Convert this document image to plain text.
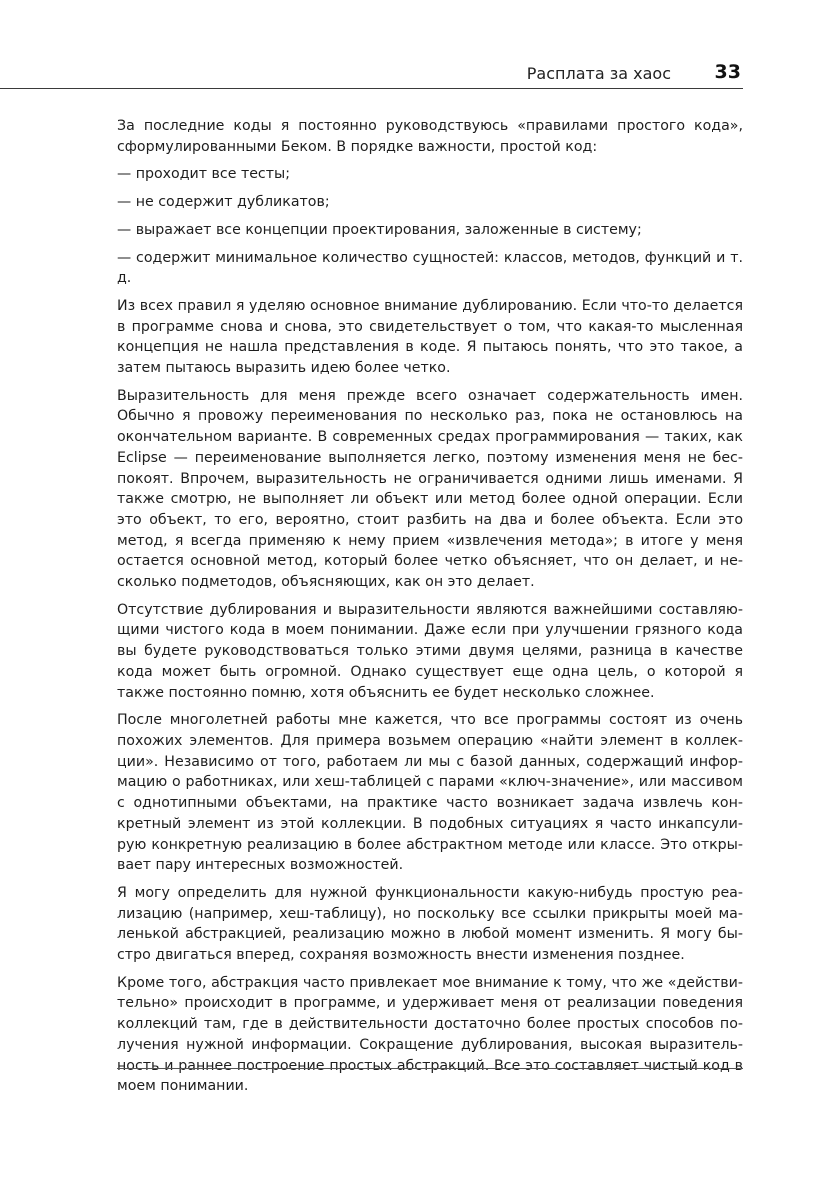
Расплата за хаос 33

За последние коды я постоянно руководствуюсь «правилами простого кода», сформулированными Беком. В порядке важности, простой код:

— проходит все тесты;

— не содержит дубликатов;

— выражает все концепции проектирования, заложенные в систему;

— содержит минимальное количество сущностей: классов, методов, функций и т. д.

Из всех правил я уделяю основное внимание дублированию. Если что-то делается в программе снова и снова, это свидетельствует о том, что какая-то мысленная концепция не нашла представления в коде. Я пытаюсь понять, что это такое, а затем пытаюсь выразить идею более четко.

Выразительность для меня прежде всего означает содержательность имен. Обычно я провожу переименования по несколько раз, пока не остановлюсь на окончательном варианте. В современных средах программирования — таких, как Eclipse — переименование выполняется легко, поэтому изменения меня не беспокоят. Впрочем, выразительность не ограничивается одними лишь именами. Я также смотрю, не выполняет ли объект или метод более одной операции. Если это объект, то его, вероятно, стоит разбить на два и более объекта. Если это метод, я всегда применяю к нему прием «извлечения метода»; в итоге у меня остается основной метод, который более четко объясняет, что он делает, и несколько подметодов, объясняющих, как он это делает.

Отсутствие дублирования и выразительности являются важнейшими составляющими чистого кода в моем понимании. Даже если при улучшении грязного кода вы будете руководствоваться только этими двумя целями, разница в качестве кода может быть огромной. Однако существует еще одна цель, о которой я также постоянно помню, хотя объяснить ее будет несколько сложнее.

После многолетней работы мне кажется, что все программы состоят из очень похожих элементов. Для примера возьмем операцию «найти элемент в коллекции». Независимо от того, работаем ли мы с базой данных, содержащий информацию о работниках, или хеш-таблицей с парами «ключ-значение», или массивом с однотипными объектами, на практике часто возникает задача извлечь конкретный элемент из этой коллекции. В подобных ситуациях я часто инкапсулирую конкретную реализацию в более абстрактном методе или классе. Это открывает пару интересных возможностей.

Я могу определить для нужной функциональности какую-нибудь простую реализацию (например, хеш-таблицу), но поскольку все ссылки прикрыты моей маленькой абстракцией, реализацию можно в любой момент изменить. Я могу быстро двигаться вперед, сохраняя возможность внести изменения позднее.

Кроме того, абстракция часто привлекает мое внимание к тому, что же «действительно» происходит в программе, и удерживает меня от реализации поведения коллекций там, где в действительности достаточно более простых способов получения нужной информации. Сокращение дублирования, высокая выразительность и раннее построение простых абстракций. Все это составляет чистый код в моем понимании.
